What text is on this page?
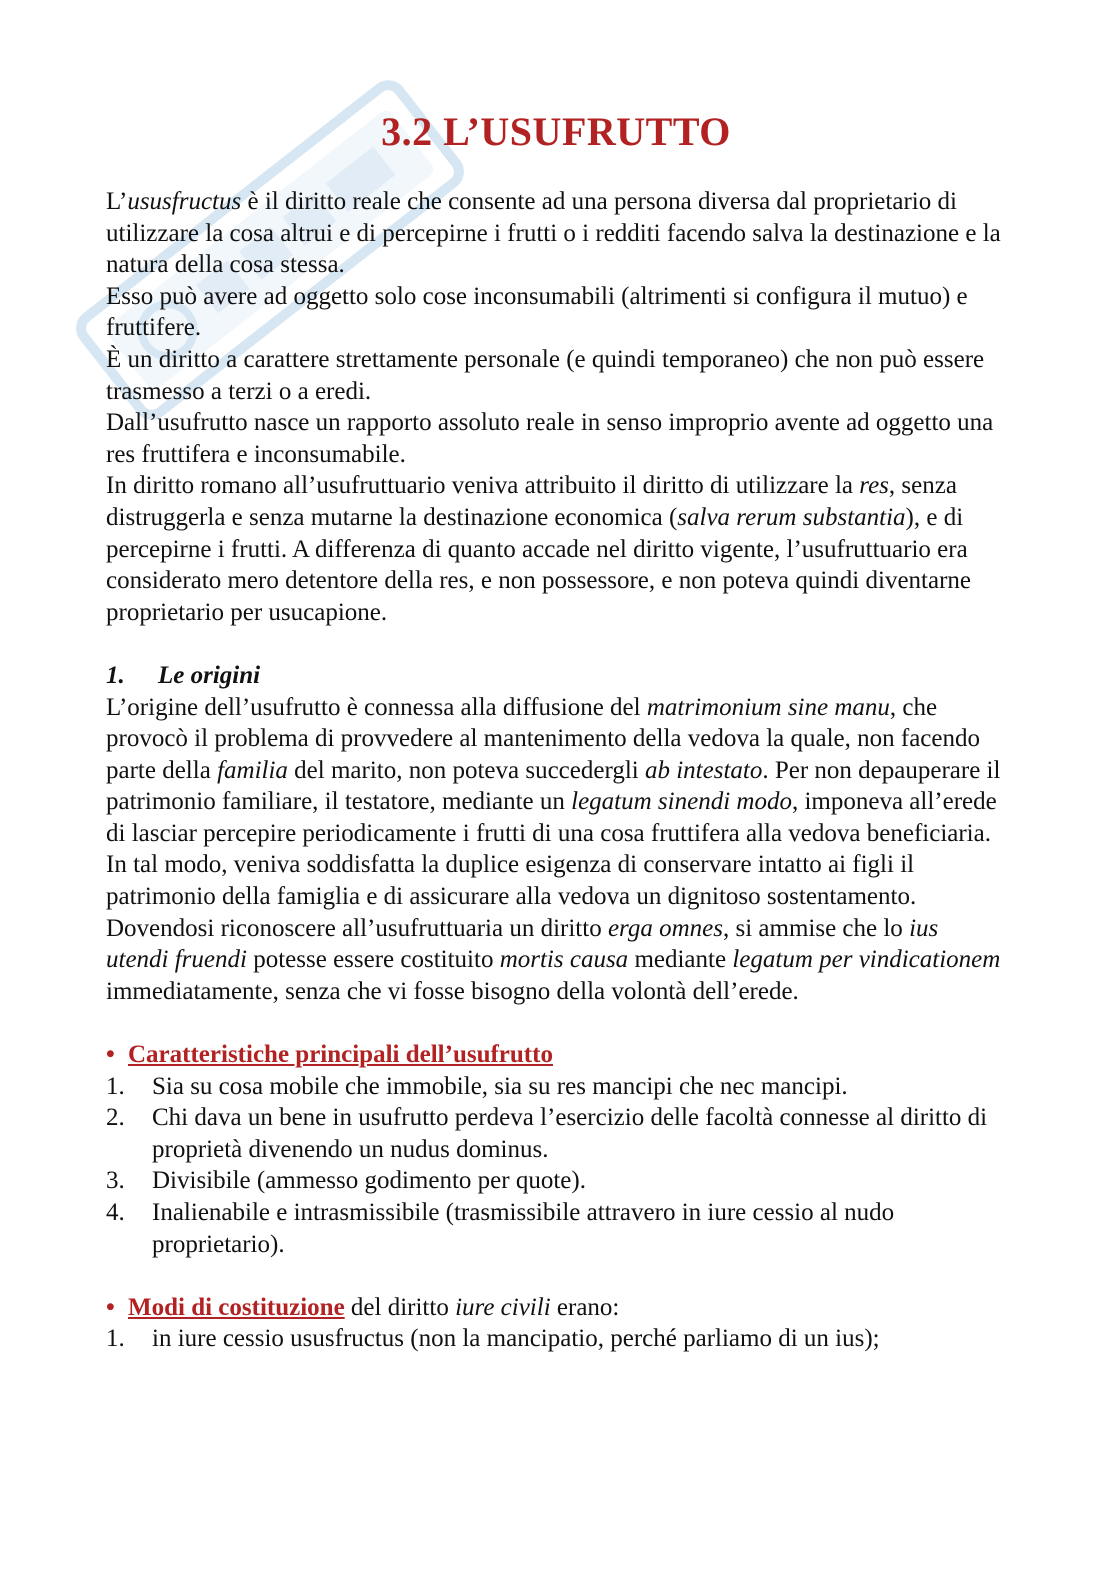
3.2 L’USUFRUTTO

L’ususfructus è il diritto reale che consente ad una persona diversa dal proprietario di utilizzare la cosa altrui e di percepirne i frutti o i redditi facendo salva la destinazione e la natura della cosa stessa.

Esso può avere ad oggetto solo cose inconsumabili (altrimenti si configura il mutuo) e fruttifere.

È un diritto a carattere strettamente personale (e quindi temporaneo) che non può essere trasmesso a terzi o a eredi.

Dall’usufrutto nasce un rapporto assoluto reale in senso improprio avente ad oggetto una res fruttifera e inconsumabile.

In diritto romano all’usufruttuario veniva attribuito il diritto di utilizzare la res, senza distruggerla e senza mutarne la destinazione economica (salva rerum substantia), e di percepirne i frutti. A differenza di quanto accade nel diritto vigente, l’usufruttuario era considerato mero detentore della res, e non possessore, e non poteva quindi diventarne proprietario per usucapione.

1. Le origini

L’origine dell’usufrutto è connessa alla diffusione del matrimonium sine manu, che provocò il problema di provvedere al mantenimento della vedova la quale, non facendo parte della familia del marito, non poteva succedergli ab intestato. Per non depauperare il patrimonio familiare, il testatore, mediante un legatum sinendi modo, imponeva all’erede di lasciar percepire periodicamente i frutti di una cosa fruttifera alla vedova beneficiaria. In tal modo, veniva soddisfatta la duplice esigenza di conservare intatto ai figli il patrimonio della famiglia e di assicurare alla vedova un dignitoso sostentamento.

Dovendosi riconoscere all’usufruttuaria un diritto erga omnes, si ammise che lo ius utendi fruendi potesse essere costituito mortis causa mediante legatum per vindicationem immediatamente, senza che vi fosse bisogno della volontà dell’erede.

• Caratteristiche principali dell’usufrutto
1. Sia su cosa mobile che immobile, sia su res mancipi che nec mancipi.
2. Chi dava un bene in usufrutto perdeva l’esercizio delle facoltà connesse al diritto di proprietà divenendo un nudus dominus.
3. Divisibile (ammesso godimento per quote).
4. Inalienabile e intrasmissibile (trasmissibile attravero in iure cessio al nudo proprietario).
• Modi di costituzione del diritto iure civili erano:
1. in iure cessio ususfructus (non la mancipatio, perché parliamo di un ius);
